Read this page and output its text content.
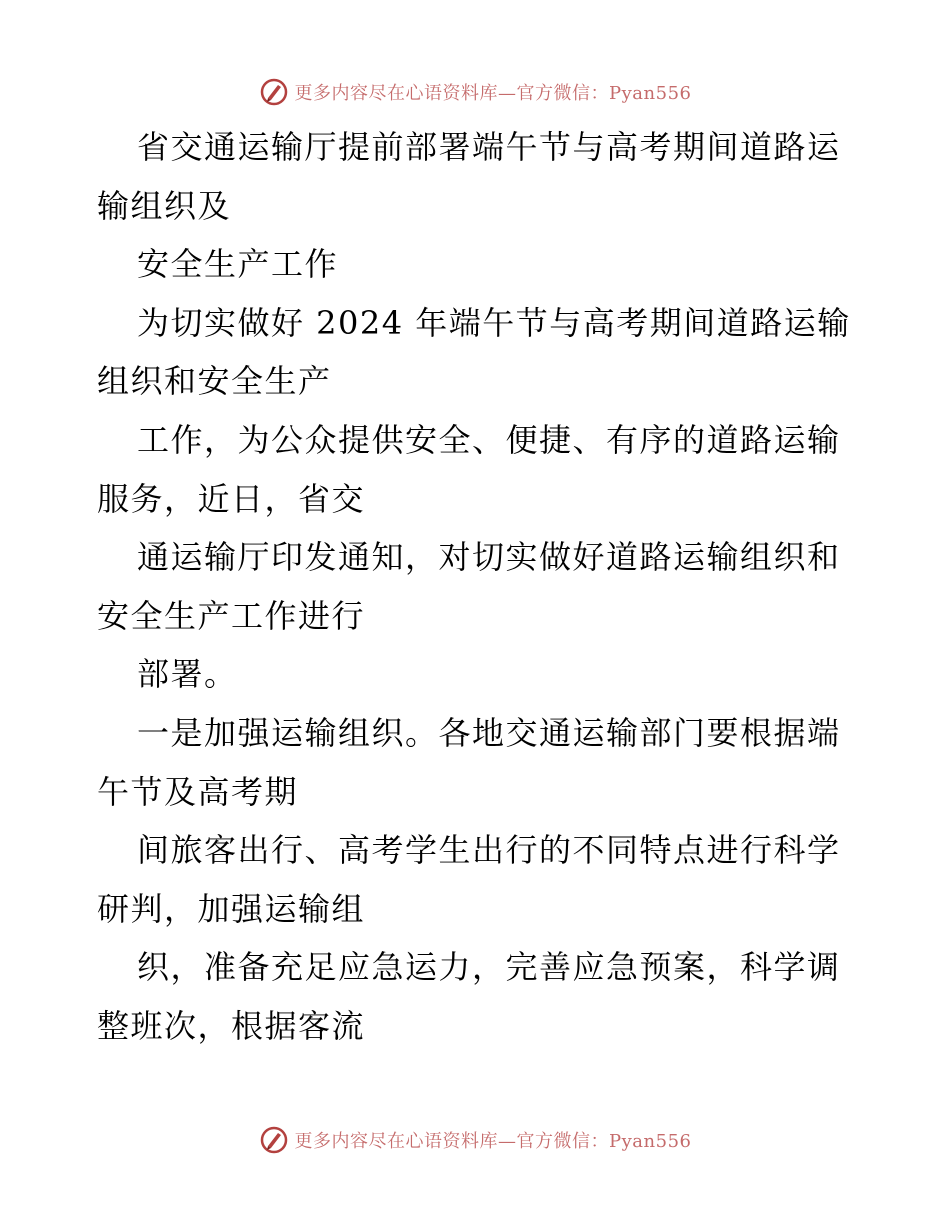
更多内容尽在心语资料库—官方微信：Pyan556
省交通运输厅提前部署端午节与高考期间道路运
输组织及
安全生产工作
为切实做好 2024 年端午节与高考期间道路运输
组织和安全生产
工作，为公众提供安全、便捷、有序的道路运输
服务，近日，省交
通运输厅印发通知，对切实做好道路运输组织和
安全生产工作进行
部署。
一是加强运输组织。各地交通运输部门要根据端
午节及高考期
间旅客出行、高考学生出行的不同特点进行科学
研判，加强运输组
织，准备充足应急运力，完善应急预案，科学调
整班次，根据客流
更多内容尽在心语资料库—官方微信：Pyan556
